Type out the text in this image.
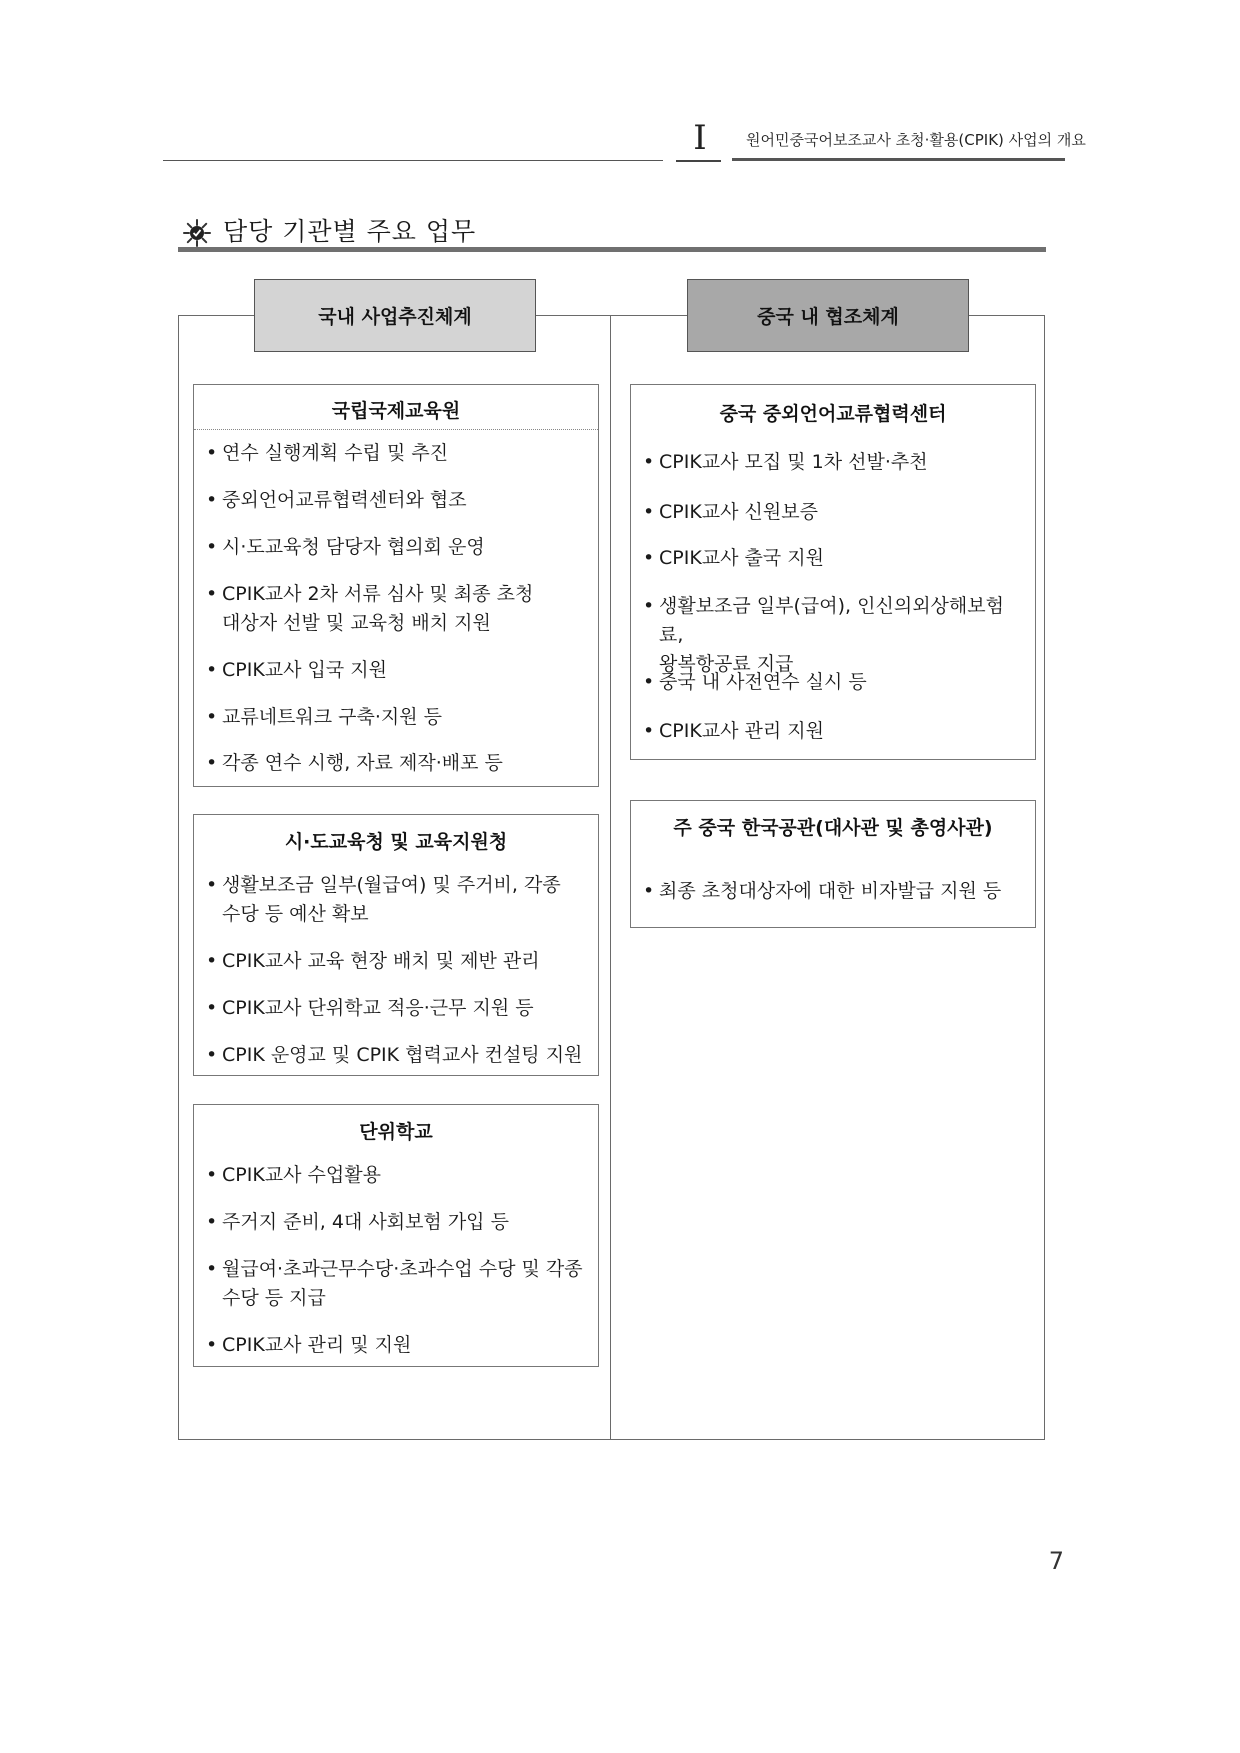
I	원어민중국어보조교사 초청·활용(CPIK) 사업의 개요
담당 기관별 주요 업무
국내 사업추진체계	중국 내 협조체계
국립국제교육원
• 연수 실행계획 수립 및 추진
• 중외언어교류협력센터와 협조
• 시·도교육청 담당자 협의회 운영
• CPIK교사 2차 서류 심사 및 최종 초청
대상자 선발 및 교육청 배치 지원
• CPIK교사 입국 지원
• 교류네트워크 구축·지원 등
• 각종 연수 시행, 자료 제작·배포 등
시·도교육청 및 교육지원청
• 생활보조금 일부(월급여) 및 주거비, 각종
수당 등 예산 확보
• CPIK교사 교육 현장 배치 및 제반 관리
• CPIK교사 단위학교 적응·근무 지원 등
• CPIK 운영교 및 CPIK 협력교사 컨설팅 지원
단위학교
• CPIK교사 수업활용
• 주거지 준비, 4대 사회보험 가입 등
• 월급여·초과근무수당·초과수업 수당 및 각종
수당 등 지급
• CPIK교사 관리 및 지원
중국 중외언어교류협력센터
• CPIK교사 모집 및 1차 선발·추천
• CPIK교사 신원보증
• CPIK교사 출국 지원
• 생활보조금 일부(급여), 인신의외상해보험료,
왕복항공료 지급
• 중국 내 사전연수 실시 등
• CPIK교사 관리 지원
주 중국 한국공관(대사관 및 총영사관)
• 최종 초청대상자에 대한 비자발급 지원 등
7
